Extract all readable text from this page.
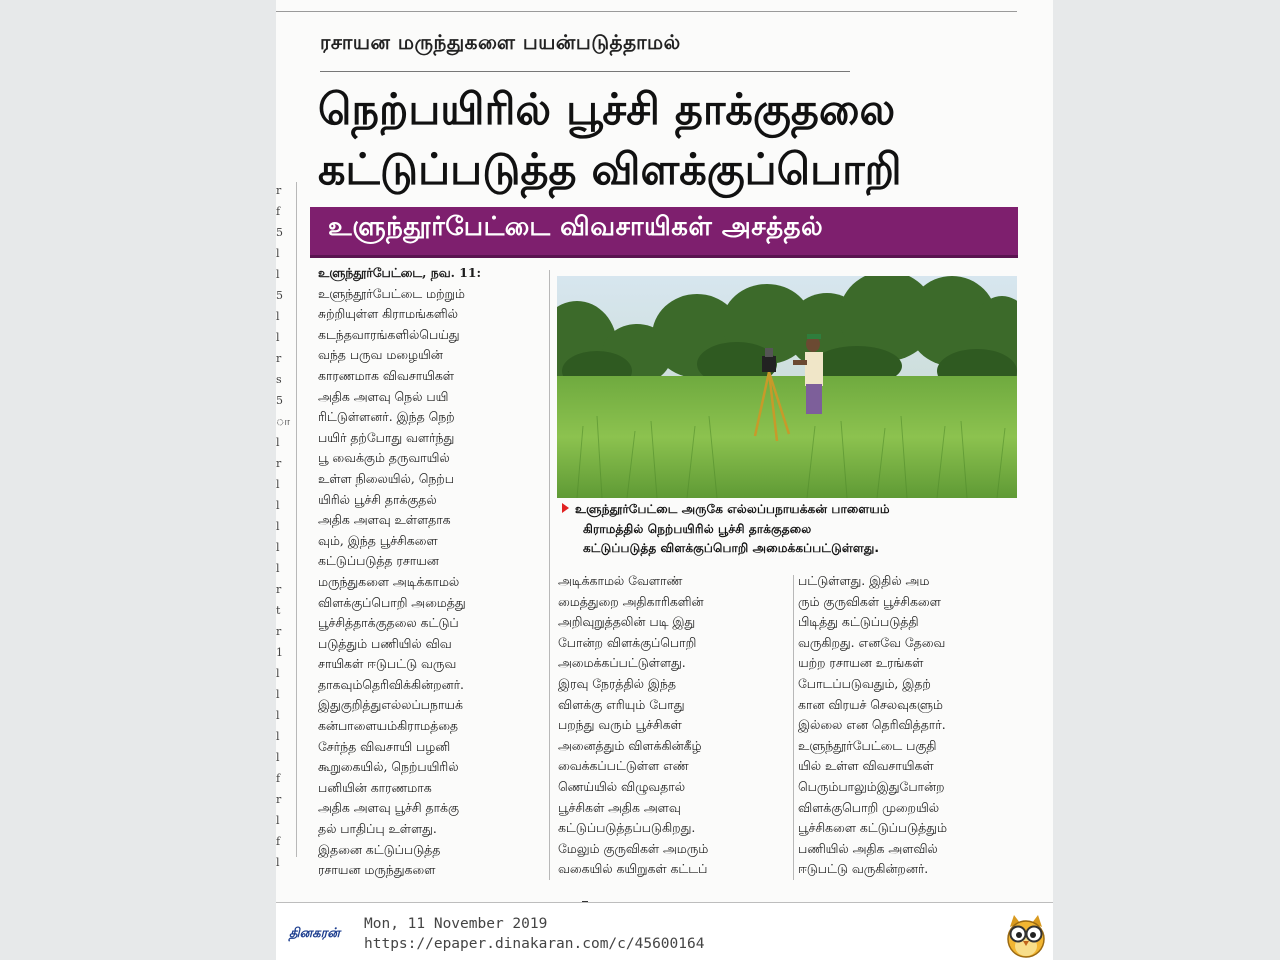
r
f
5
l
l
5
l
l
r
s
5
ா
l
r
l
l
l
l
l
r
t
r
1
l
l
l
l
l
f
r
l
f
l
ரசாயன மருந்துகளை பயன்படுத்தாமல்
நெற்பயிரில் பூச்சி தாக்குதலை
கட்டுப்படுத்த விளக்குப்பொறி
உளுந்தூர்பேட்டை விவசாயிகள் அசத்தல்
உளுந்தூர்பேட்டை அருகே எல்லப்பநாயக்கன் பாளையம்
கிராமத்தில் நெற்பயிரில் பூச்சி தாக்குதலை
கட்டுப்படுத்த விளக்குப்பொறி அமைக்கப்பட்டுள்ளது.
உளுந்தூர்பேட்டை, நவ. 11:
உளுந்தூர்பேட்டை மற்றும்
சுற்றியுள்ள கிராமங்களில்
கடந்தவாரங்களில்பெய்து
வந்த பருவ மழையின்
காரணமாக விவசாயிகள்
அதிக அளவு நெல் பயி
ரிட்டுள்ளனர். இந்த நெற்
பயிர் தற்போது வளர்ந்து
பூ வைக்கும் தருவாயில்
உள்ள நிலையில், நெற்ப
யிரில் பூச்சி தாக்குதல்
அதிக அளவு உள்ளதாக
வும், இந்த பூச்சிகளை
கட்டுப்படுத்த ரசாயன
மருந்துகளை அடிக்காமல்
விளக்குப்பொறி அமைத்து
பூச்சித்தாக்குதலை கட்டுப்
படுத்தும் பணியில் விவ
சாயிகள் ஈடுபட்டு வருவ
தாகவும்தெரிவிக்கின்றனர்.
இதுகுறித்துஎல்லப்பநாயக்
கன்பாளையம்கிராமத்தை
சேர்ந்த விவசாயி பழனி
கூறுகையில், நெற்பயிரில்
பனியின் காரணமாக
அதிக அளவு பூச்சி தாக்கு
தல் பாதிப்பு உள்ளது.
இதனை கட்டுப்படுத்த
ரசாயன மருந்துகளை
அடிக்காமல் வேளாண்
மைத்துறை அதிகாரிகளின்
அறிவுறுத்தலின் படி இது
போன்ற விளக்குப்பொறி
அமைக்கப்பட்டுள்ளது.
இரவு நேரத்தில் இந்த
விளக்கு எரியும் போது
பறந்து வரும் பூச்சிகள்
அனைத்தும் விளக்கின்கீழ்
வைக்கப்பட்டுள்ள எண்
ணெய்யில் விழுவதால்
பூச்சிகள் அதிக அளவு
கட்டுப்படுத்தப்படுகிறது.
மேலும் குருவிகள் அமரும்
வகையில் கயிறுகள் கட்டப்
பட்டுள்ளது. இதில் அம
ரும் குருவிகள் பூச்சிகளை
பிடித்து கட்டுப்படுத்தி
வருகிறது. எனவே தேவை
யற்ற ரசாயன உரங்கள்
போடப்படுவதும், இதற்
கான விரயச் செலவுகளும்
இல்லை என தெரிவித்தார்.
உளுந்தூர்பேட்டை பகுதி
யில் உள்ள விவசாயிகள்
பெரும்பாலும்இதுபோன்ற
விளக்குபொறி முறையில்
பூச்சிகளை கட்டுப்படுத்தும்
பணியில் அதிக அளவில்
ஈடுபட்டு வருகின்றனர்.
தினகரன்
Mon, 11 November 2019
https://epaper.dinakaran.com/c/45600164
